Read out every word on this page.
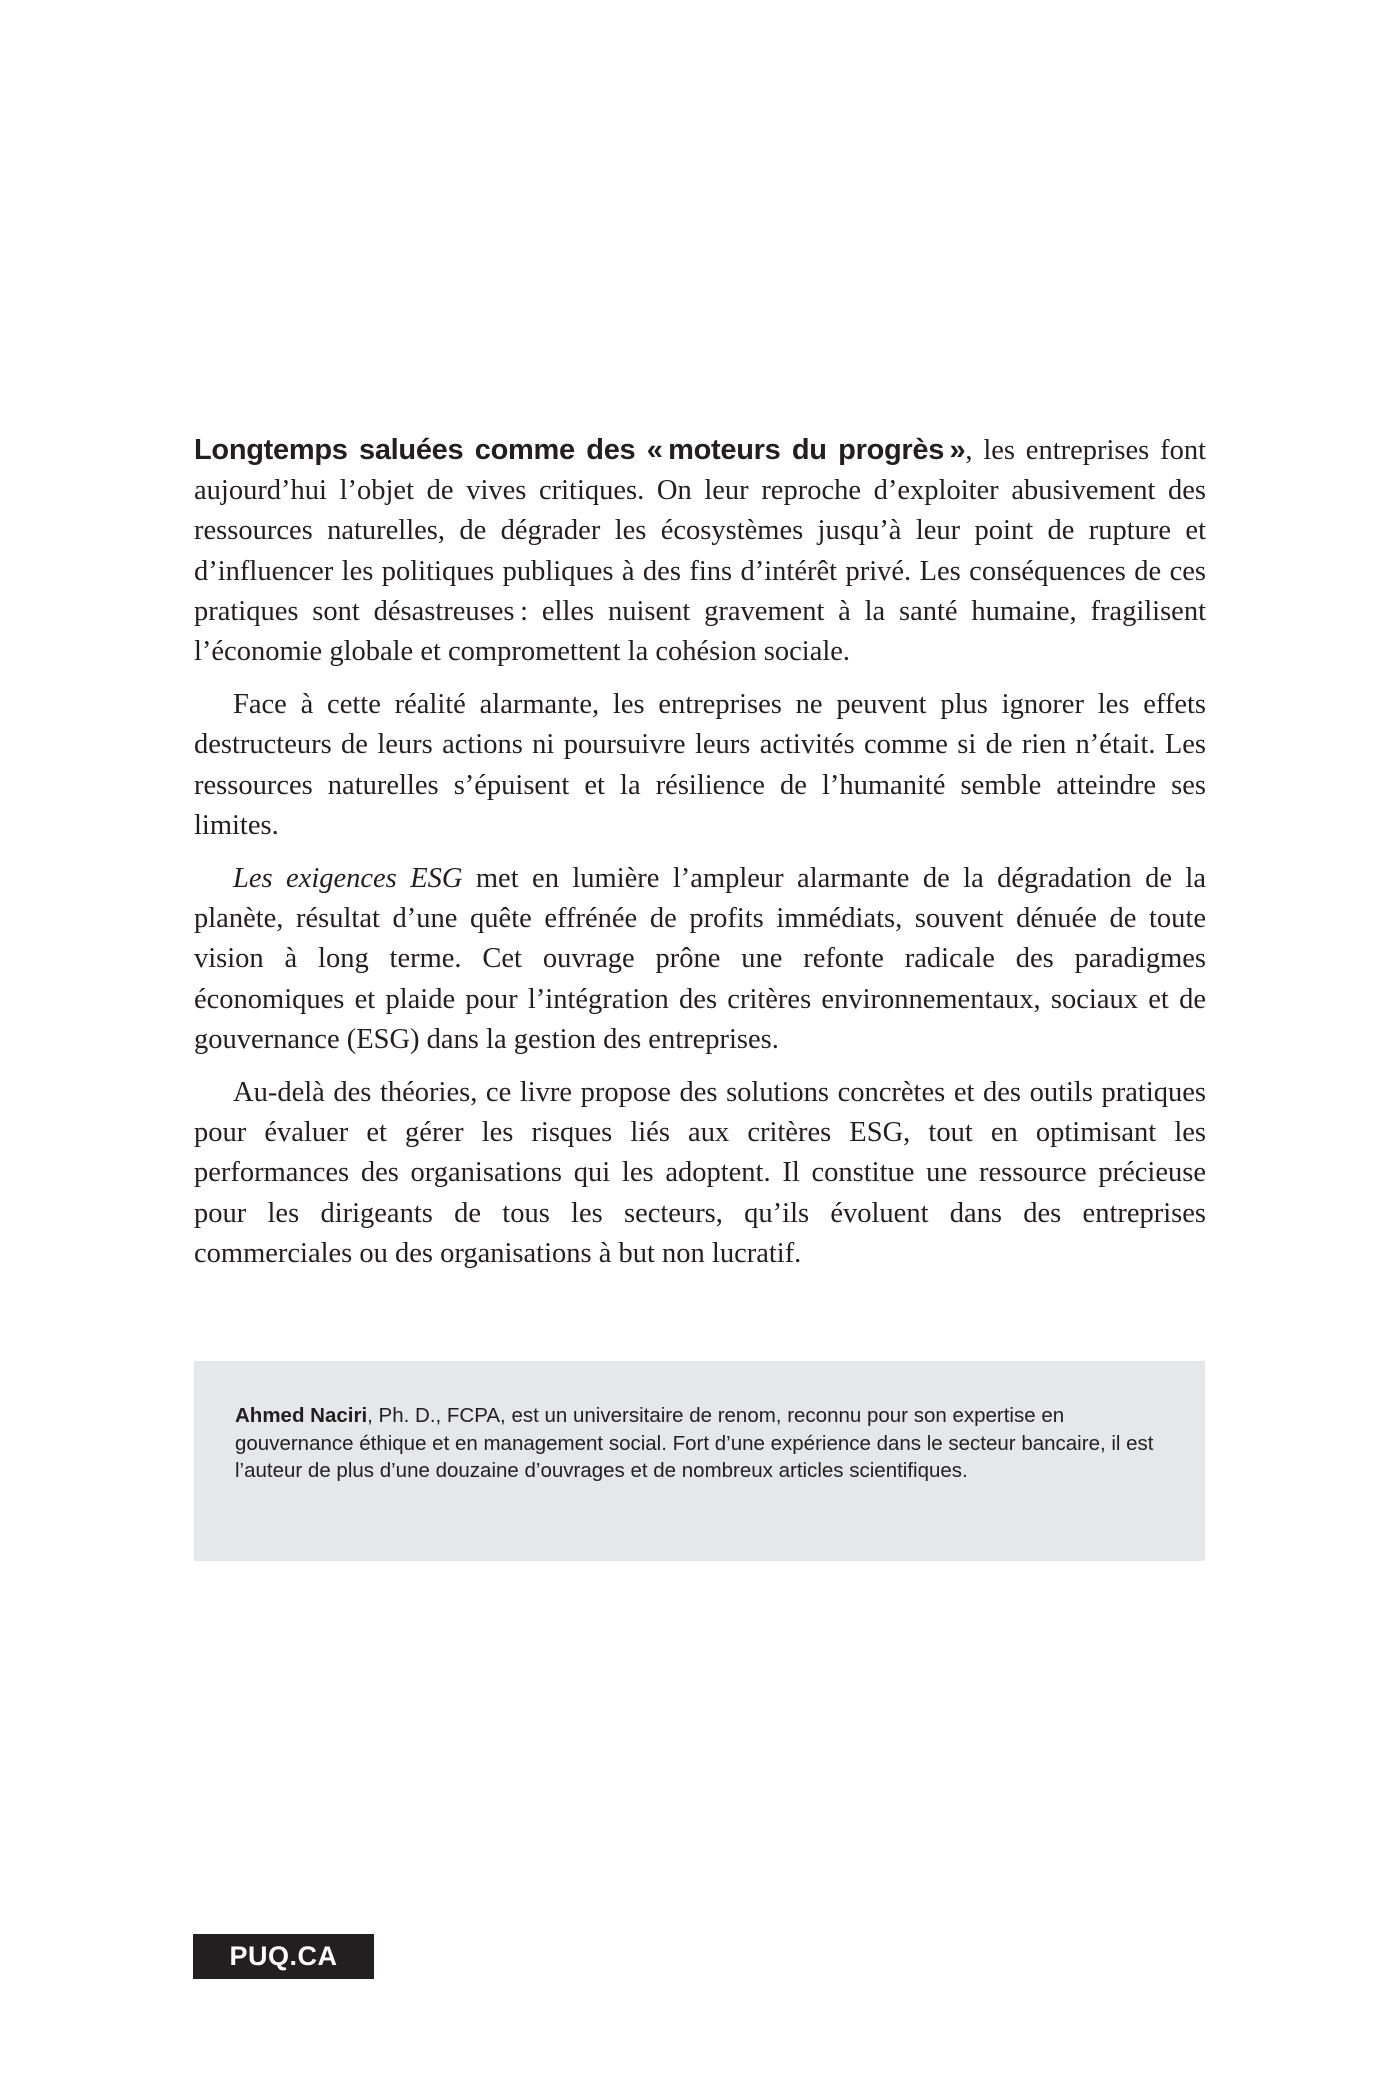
Longtemps saluées comme des « moteurs du progrès », les entreprises font aujourd’hui l’objet de vives critiques. On leur reproche d’exploiter abusivement des ressources naturelles, de dégrader les écosystèmes jusqu’à leur point de rupture et d’influencer les politiques publiques à des fins d’intérêt privé. Les conséquences de ces pratiques sont désastreuses : elles nuisent gravement à la santé humaine, fragilisent l’économie globale et compromettent la cohésion sociale.

Face à cette réalité alarmante, les entreprises ne peuvent plus ignorer les effets destructeurs de leurs actions ni poursuivre leurs activités comme si de rien n’était. Les ressources naturelles s’épuisent et la résilience de l’humanité semble atteindre ses limites.

Les exigences ESG met en lumière l’ampleur alarmante de la dégradation de la planète, résultat d’une quête effrénée de profits immédiats, souvent dénuée de toute vision à long terme. Cet ouvrage prône une refonte radicale des paradigmes économiques et plaide pour l’intégration des critères environnementaux, sociaux et de gouvernance (ESG) dans la gestion des entreprises.

Au-delà des théories, ce livre propose des solutions concrètes et des outils pratiques pour évaluer et gérer les risques liés aux critères ESG, tout en optimisant les performances des organisations qui les adoptent. Il constitue une ressource précieuse pour les dirigeants de tous les secteurs, qu’ils évoluent dans des entreprises commerciales ou des organisations à but non lucratif.

Ahmed Naciri, Ph. D., FCPA, est un universitaire de renom, reconnu pour son expertise en gouvernance éthique et en management social. Fort d’une expérience dans le secteur bancaire, il est l’auteur de plus d’une douzaine d’ouvrages et de nombreux articles scientifiques.
PUQ.CA
